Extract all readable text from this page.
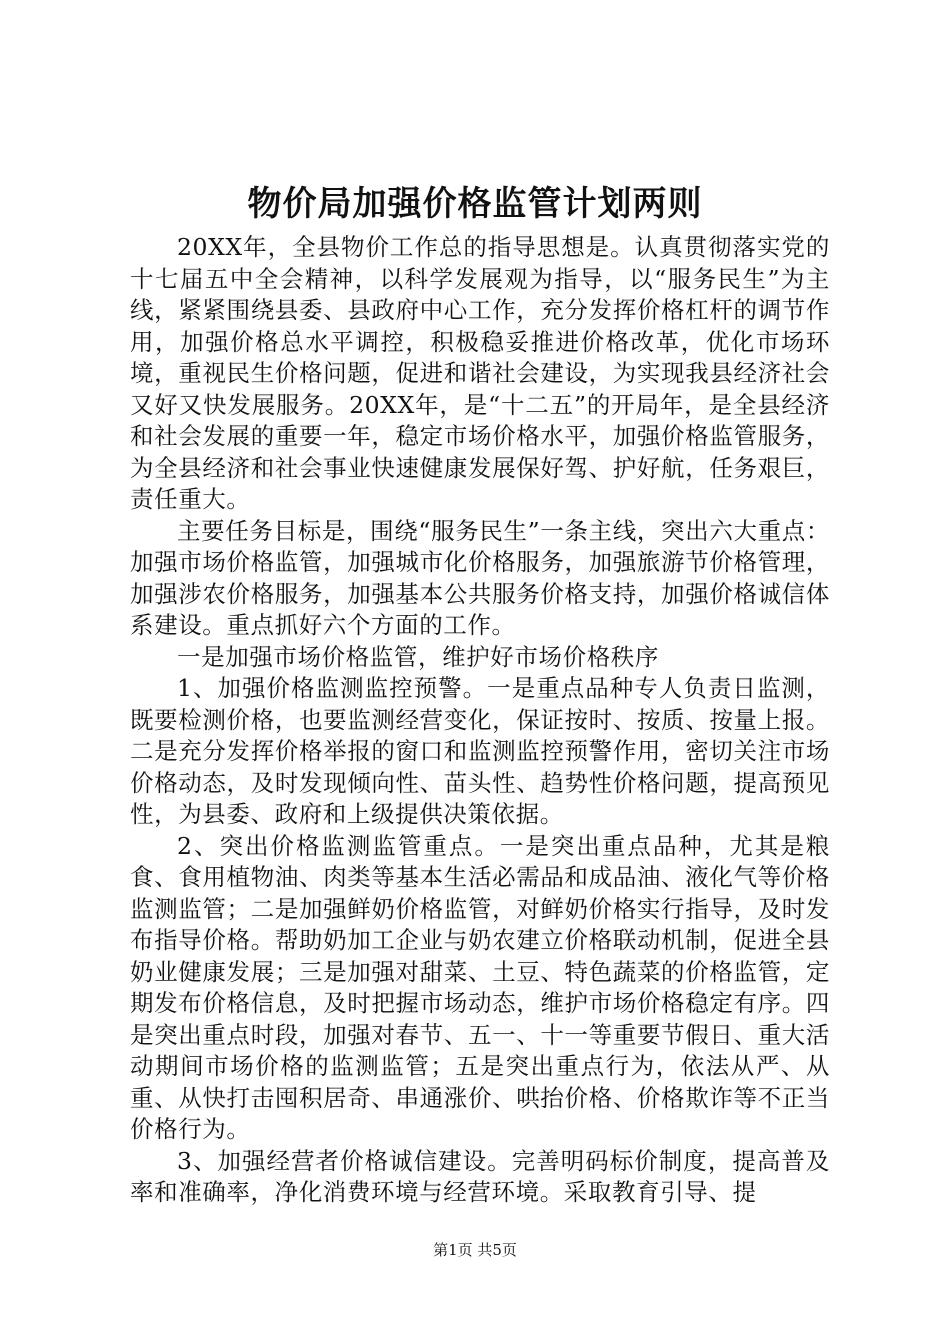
物价局加强价格监管计划两则

20XX年，全县物价工作总的指导思想是。认真贯彻落实党的十七届五中全会精神，以科学发展观为指导，以“服务民生”为主线，紧紧围绕县委、县政府中心工作，充分发挥价格杠杆的调节作用，加强价格总水平调控，积极稳妥推进价格改革，优化市场环境，重视民生价格问题，促进和谐社会建设，为实现我县经济社会又好又快发展服务。20XX年，是“十二五”的开局年，是全县经济和社会发展的重要一年，稳定市场价格水平，加强价格监管服务，为全县经济和社会事业快速健康发展保好驾、护好航，任务艰巨，责任重大。

主要任务目标是，围绕“服务民生”一条主线，突出六大重点：加强市场价格监管，加强城市化价格服务，加强旅游节价格管理，加强涉农价格服务，加强基本公共服务价格支持，加强价格诚信体系建设。重点抓好六个方面的工作。

一是加强市场价格监管，维护好市场价格秩序

1、加强价格监测监控预警。一是重点品种专人负责日监测，既要检测价格，也要监测经营变化，保证按时、按质、按量上报。二是充分发挥价格举报的窗口和监测监控预警作用，密切关注市场价格动态，及时发现倾向性、苗头性、趋势性价格问题，提高预见性，为县委、政府和上级提供决策依据。

2、突出价格监测监管重点。一是突出重点品种，尤其是粮食、食用植物油、肉类等基本生活必需品和成品油、液化气等价格监测监管；二是加强鲜奶价格监管，对鲜奶价格实行指导，及时发布指导价格。帮助奶加工企业与奶农建立价格联动机制，促进全县奶业健康发展；三是加强对甜菜、土豆、特色蔬菜的价格监管，定期发布价格信息，及时把握市场动态，维护市场价格稳定有序。四是突出重点时段，加强对春节、五一、十一等重要节假日、重大活动期间市场价格的监测监管；五是突出重点行为，依法从严、从重、从快打击囤积居奇、串通涨价、哄抬价格、价格欺诈等不正当价格行为。

3、加强经营者价格诚信建设。完善明码标价制度，提高普及率和准确率，净化消费环境与经营环境。采取教育引导、提

第1页 共5页
